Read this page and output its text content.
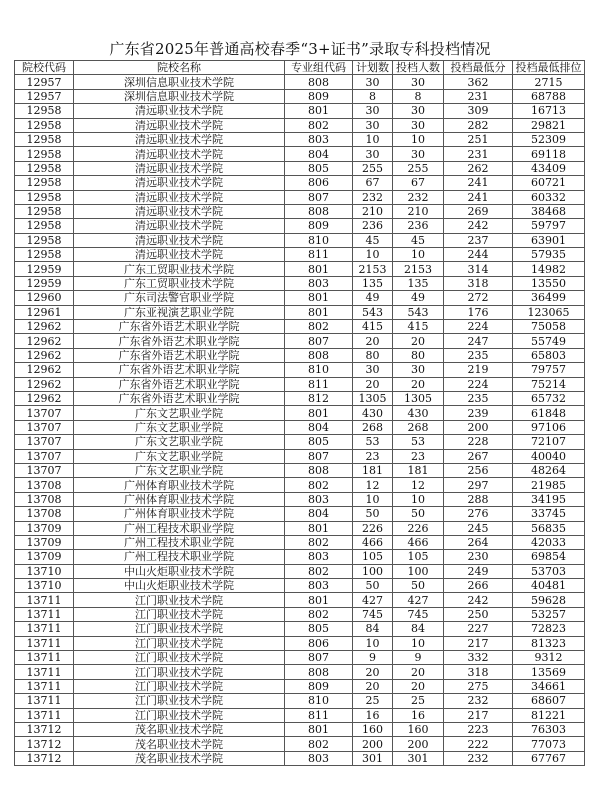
广东省2025年普通高校春季“3+证书”录取专科投档情况
院校代码	院校名称	专业组代码	计划数	投档人数	投档最低分	投档最低排位
12957	深圳信息职业技术学院	808	30	30	362	2715
12957	深圳信息职业技术学院	809	8	8	231	68788
12958	清远职业技术学院	801	30	30	309	16713
12958	清远职业技术学院	802	30	30	282	29821
12958	清远职业技术学院	803	10	10	251	52309
12958	清远职业技术学院	804	30	30	231	69118
12958	清远职业技术学院	805	255	255	262	43409
12958	清远职业技术学院	806	67	67	241	60721
12958	清远职业技术学院	807	232	232	241	60332
12958	清远职业技术学院	808	210	210	269	38468
12958	清远职业技术学院	809	236	236	242	59797
12958	清远职业技术学院	810	45	45	237	63901
12958	清远职业技术学院	811	10	10	244	57935
12959	广东工贸职业技术学院	801	2153	2153	314	14982
12959	广东工贸职业技术学院	803	135	135	318	13550
12960	广东司法警官职业学院	801	49	49	272	36499
12961	广东亚视演艺职业学院	801	543	543	176	123065
12962	广东省外语艺术职业学院	802	415	415	224	75058
12962	广东省外语艺术职业学院	807	20	20	247	55749
12962	广东省外语艺术职业学院	808	80	80	235	65803
12962	广东省外语艺术职业学院	810	30	30	219	79757
12962	广东省外语艺术职业学院	811	20	20	224	75214
12962	广东省外语艺术职业学院	812	1305	1305	235	65732
13707	广东文艺职业学院	801	430	430	239	61848
13707	广东文艺职业学院	804	268	268	200	97106
13707	广东文艺职业学院	805	53	53	228	72107
13707	广东文艺职业学院	807	23	23	267	40040
13707	广东文艺职业学院	808	181	181	256	48264
13708	广州体育职业技术学院	802	12	12	297	21985
13708	广州体育职业技术学院	803	10	10	288	34195
13708	广州体育职业技术学院	804	50	50	276	33745
13709	广州工程技术职业学院	801	226	226	245	56835
13709	广州工程技术职业学院	802	466	466	264	42033
13709	广州工程技术职业学院	803	105	105	230	69854
13710	中山火炬职业技术学院	802	100	100	249	53703
13710	中山火炬职业技术学院	803	50	50	266	40481
13711	江门职业技术学院	801	427	427	242	59628
13711	江门职业技术学院	802	745	745	250	53257
13711	江门职业技术学院	805	84	84	227	72823
13711	江门职业技术学院	806	10	10	217	81323
13711	江门职业技术学院	807	9	9	332	9312
13711	江门职业技术学院	808	20	20	318	13569
13711	江门职业技术学院	809	20	20	275	34661
13711	江门职业技术学院	810	25	25	232	68607
13711	江门职业技术学院	811	16	16	217	81221
13712	茂名职业技术学院	801	160	160	223	76303
13712	茂名职业技术学院	802	200	200	222	77073
13712	茂名职业技术学院	803	301	301	232	67767
